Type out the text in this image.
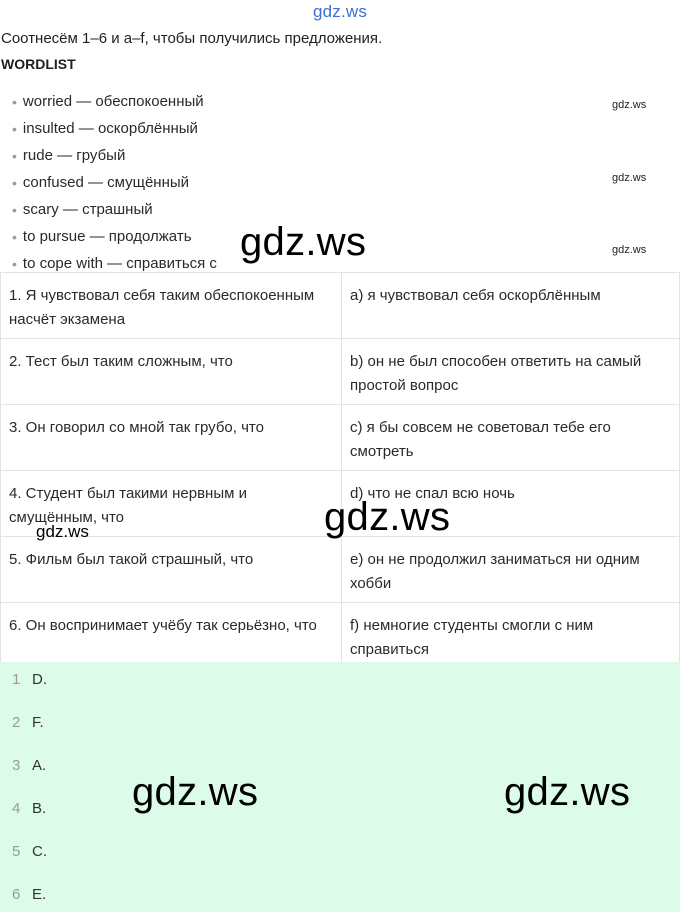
gdz.ws
Соотнесём 1–6 и a–f, чтобы получились предложения.
WORDLIST
• worried — обеспокоенный
• insulted — оскорблённый
• rude — грубый
• confused — смущённый
• scary — страшный
• to pursue — продолжать
• to cope with — справиться с
1. Я чувствовал себя таким обеспокоенным насчёт экзамена	a) я чувствовал себя оскорблённым
2. Тест был таким сложным, что	b) он не был способен ответить на самый простой вопрос
3. Он говорил со мной так грубо, что	c) я бы совсем не советовал тебе его смотреть
4. Студент был такими нервным и смущённым, что	d) что не спал всю ночь
5. Фильм был такой страшный, что	e) он не продолжил заниматься ни одним хобби
6. Он воспринимает учёбу так серьёзно, что	f) немногие студенты смогли с ним справиться
1 D.
2 F.
3 A.
4 B.
5 C.
6 E.
gdz.ws
gdz.ws
gdz.ws
gdz.ws
gdz.ws
gdz.ws
gdz.ws	gdz.ws
